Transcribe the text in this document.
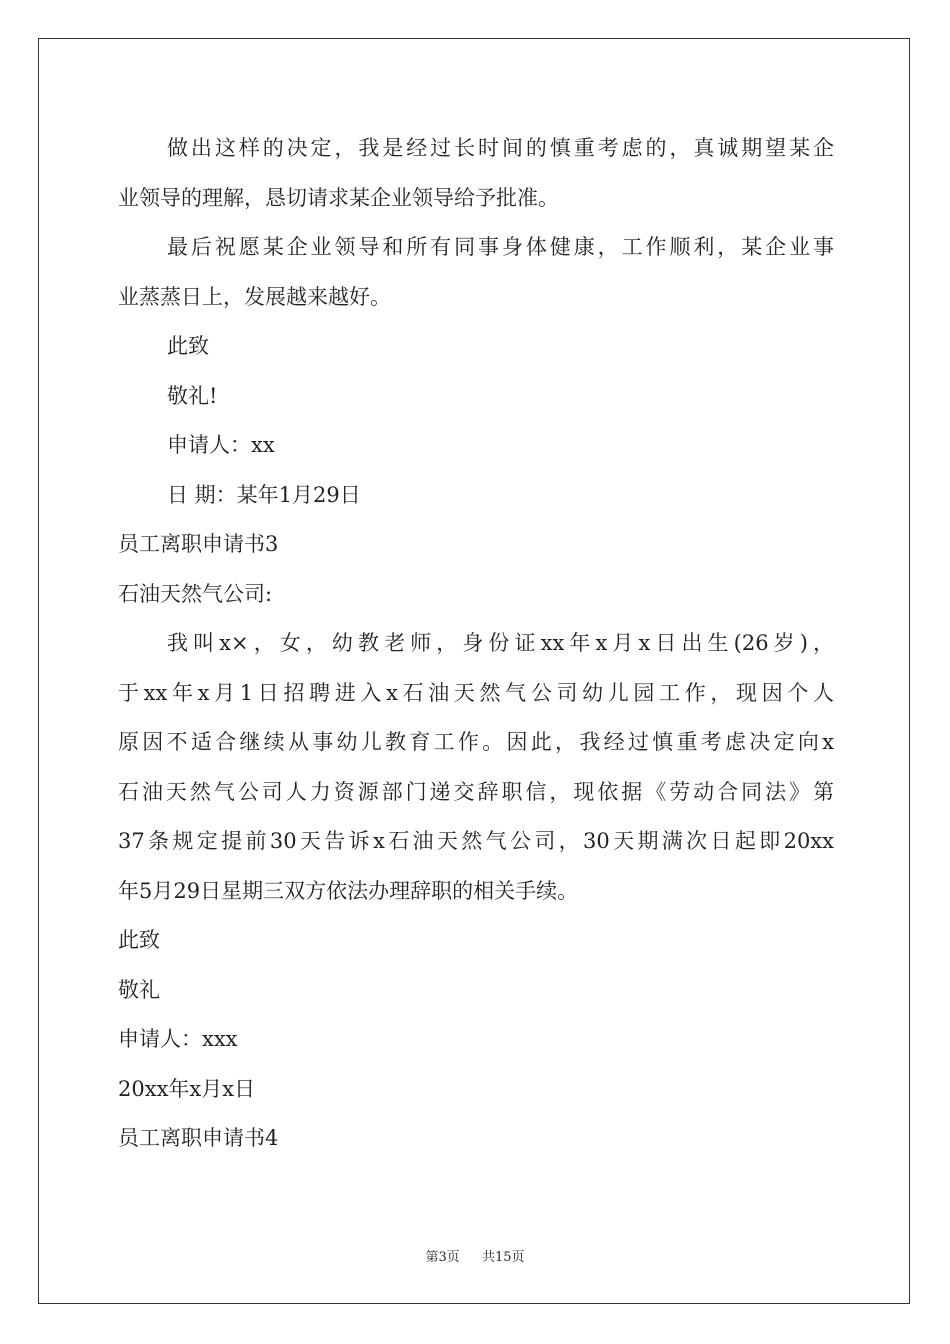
做出这样的决定，我是经过长时间的慎重考虑的，真诚期望某企
业领导的理解，恳切请求某企业领导给予批准。
最后祝愿某企业领导和所有同事身体健康，工作顺利，某企业事
业蒸蒸日上，发展越来越好。
此致
敬礼!
申请人：xx
日 期：某年1月29日
员工离职申请书3
石油天然气公司:
我叫x×，女，幼教老师，身份证xx年x月x日出生(26岁)，
于xx年x月1日招聘进入x石油天然气公司幼儿园工作，现因个人
原因不适合继续从事幼儿教育工作。因此，我经过慎重考虑决定向x
石油天然气公司人力资源部门递交辞职信，现依据《劳动合同法》第
37条规定提前30天告诉x石油天然气公司，30天期满次日起即20xx
年5月29日星期三双方依法办理辞职的相关手续。
此致
敬礼
申请人：xxx
20xx年x月x日
员工离职申请书4
第3页 共15页
